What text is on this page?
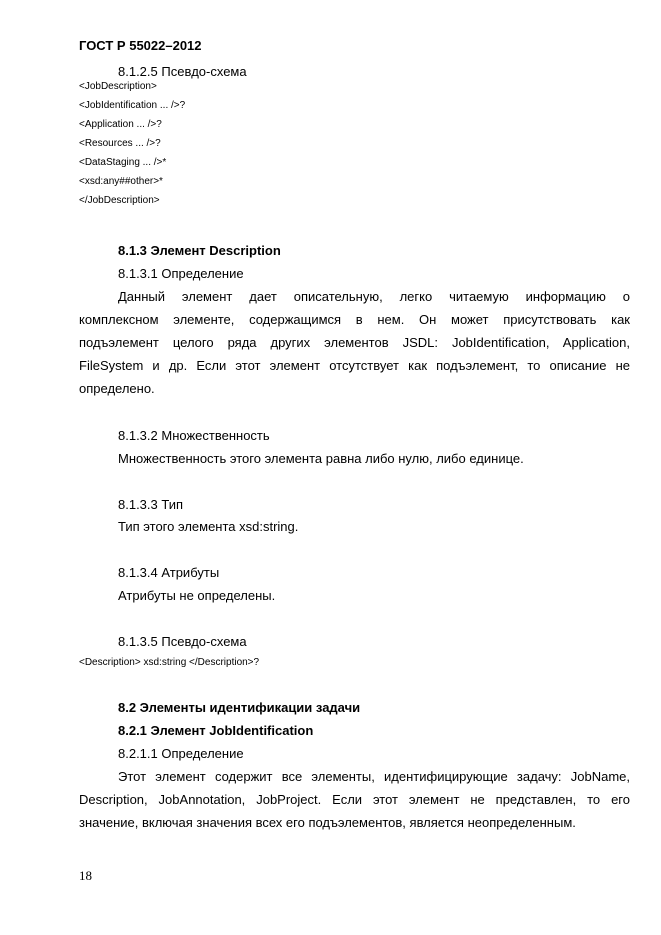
ГОСТ Р 55022–2012
8.1.2.5 Псевдо-схема
<JobDescription>
<JobIdentification ... />?
<Application ... />?
<Resources ... />?
<DataStaging ... />*
<xsd:any##other>*
</JobDescription>
8.1.3 Элемент Description
8.1.3.1 Определение
Данный элемент дает описательную, легко читаемую информацию о
комплексном элементе, содержащимся в нем. Он может присутствовать как
подъэлемент целого ряда других элементов JSDL: JobIdentification, Application,
FileSystem и др. Если этот элемент отсутствует как подъэлемент, то описание не
определено.
8.1.3.2 Множественность
Множественность этого элемента равна либо нулю, либо единице.
8.1.3.3 Тип
Тип этого элемента xsd:string.
8.1.3.4 Атрибуты
Атрибуты не определены.
8.1.3.5 Псевдо-схема
<Description> xsd:string </Description>?
8.2 Элементы идентификации задачи
8.2.1 Элемент JobIdentification
8.2.1.1 Определение
Этот элемент содержит все элементы, идентифицирующие задачу: JobName,
Description, JobAnnotation, JobProject. Если этот элемент не представлен, то его
значение, включая значения всех его подъэлементов, является неопределенным.
18
